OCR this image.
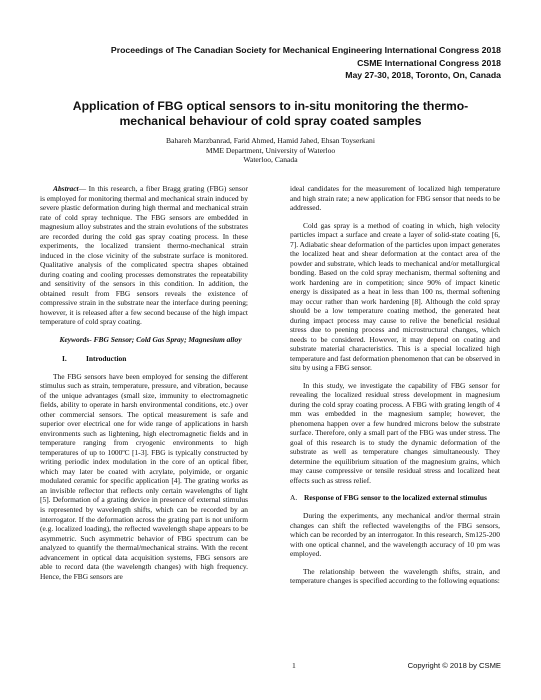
Proceedings of The Canadian Society for Mechanical Engineering International Congress 2018
CSME International Congress 2018
May 27-30, 2018, Toronto, On, Canada
Application of FBG optical sensors to in-situ monitoring the thermo-mechanical behaviour of cold spray coated samples
Bahareh Marzbanrad, Farid Ahmed, Hamid Jahed, Ehsan Toyserkani
MME Department, University of Waterloo
Waterloo, Canada

Abstract— In this research, a fiber Bragg grating (FBG) sensor is employed for monitoring thermal and mechanical strain induced by severe plastic deformation during high thermal and mechanical strain rate of cold spray technique. The FBG sensors are embedded in magnesium alloy substrates and the strain evolutions of the substrates are recorded during the cold gas spray coating process. In these experiments, the localized transient thermo-mechanical strain induced in the close vicinity of the substrate surface is monitored. Qualitative analysis of the complicated spectra shapes obtained during coating and cooling processes demonstrates the repeatability and sensitivity of the sensors in this condition. In addition, the obtained result from FBG sensors reveals the existence of compressive strain in the substrate near the interface during peening; however, it is released after a few second because of the high impact temperature of cold spray coating.

Keywords- FBG Sensor; Cold Gas Spray; Magnesium alloy

I.	Introduction

The FBG sensors have been employed for sensing the different stimulus such as strain, temperature, pressure, and vibration, because of the unique advantages (small size, immunity to electromagnetic fields, ability to operate in harsh environmental conditions, etc.) over other commercial sensors. The optical measurement is safe and superior over electrical one for wide range of applications in harsh environments such as lightening, high electromagnetic fields and in temperature ranging from cryogenic environments to high temperatures of up to 1000ºC [1-3]. FBG is typically constructed by writing periodic index modulation in the core of an optical fiber, which may later be coated with acrylate, polyimide, or organic modulated ceramic for specific application [4]. The grating works as an invisible reflector that reflects only certain wavelengths of light [5]. Deformation of a grating device in presence of external stimulus is represented by wavelength shifts, which can be recorded by an interrogator. If the deformation across the grating part is not uniform (e.g. localized loading), the reflected wavelength shape appears to be asymmetric. Such asymmetric behavior of FBG spectrum can be analyzed to quantify the thermal/mechanical strains. With the recent advancement in optical data acquisition systems, FBG sensors are able to record data (the wavelength changes) with high frequency. Hence, the FBG sensors are

ideal candidates for the measurement of localized high temperature and high strain rate; a new application for FBG sensor that needs to be addressed.

Cold gas spray is a method of coating in which, high velocity particles impact a surface and create a layer of solid-state coating [6, 7]. Adiabatic shear deformation of the particles upon impact generates the localized heat and shear deformation at the contact area of the powder and substrate, which leads to mechanical and/or metallurgical bonding. Based on the cold spray mechanism, thermal softening and work hardening are in competition; since 90% of impact kinetic energy is dissipated as a heat in less than 100 ns, thermal softening may occur rather than work hardening [8]. Although the cold spray should be a low temperature coating method, the generated heat during impact process may cause to relive the beneficial residual stress due to peening process and microstructural changes, which needs to be considered. However, it may depend on coating and substrate material characteristics. This is a special localized high temperature and fast deformation phenomenon that can be observed in situ by using a FBG sensor.

In this study, we investigate the capability of FBG sensor for revealing the localized residual stress development in magnesium during the cold spray coating process. A FBG with grating length of 4 mm was embedded in the magnesium sample; however, the phenomena happen over a few hundred microns below the substrate surface. Therefore, only a small part of the FBG was under stress. The goal of this research is to study the dynamic deformation of the substrate as well as temperature changes simultaneously. They determine the equilibrium situation of the magnesium grains, which may cause compressive or tensile residual stress and localized heat effects such as stress relief.

A. Response of FBG sensor to the localized external stimulus

During the experiments, any mechanical and/or thermal strain changes can shift the reflected wavelengths of the FBG sensors, which can be recorded by an interrogator. In this research, Sm125-200 with one optical channel, and the wavelength accuracy of 10 pm was employed.

The relationship between the wavelength shifts, strain, and temperature changes is specified according to the following equations:

1	Copyright © 2018 by CSME
